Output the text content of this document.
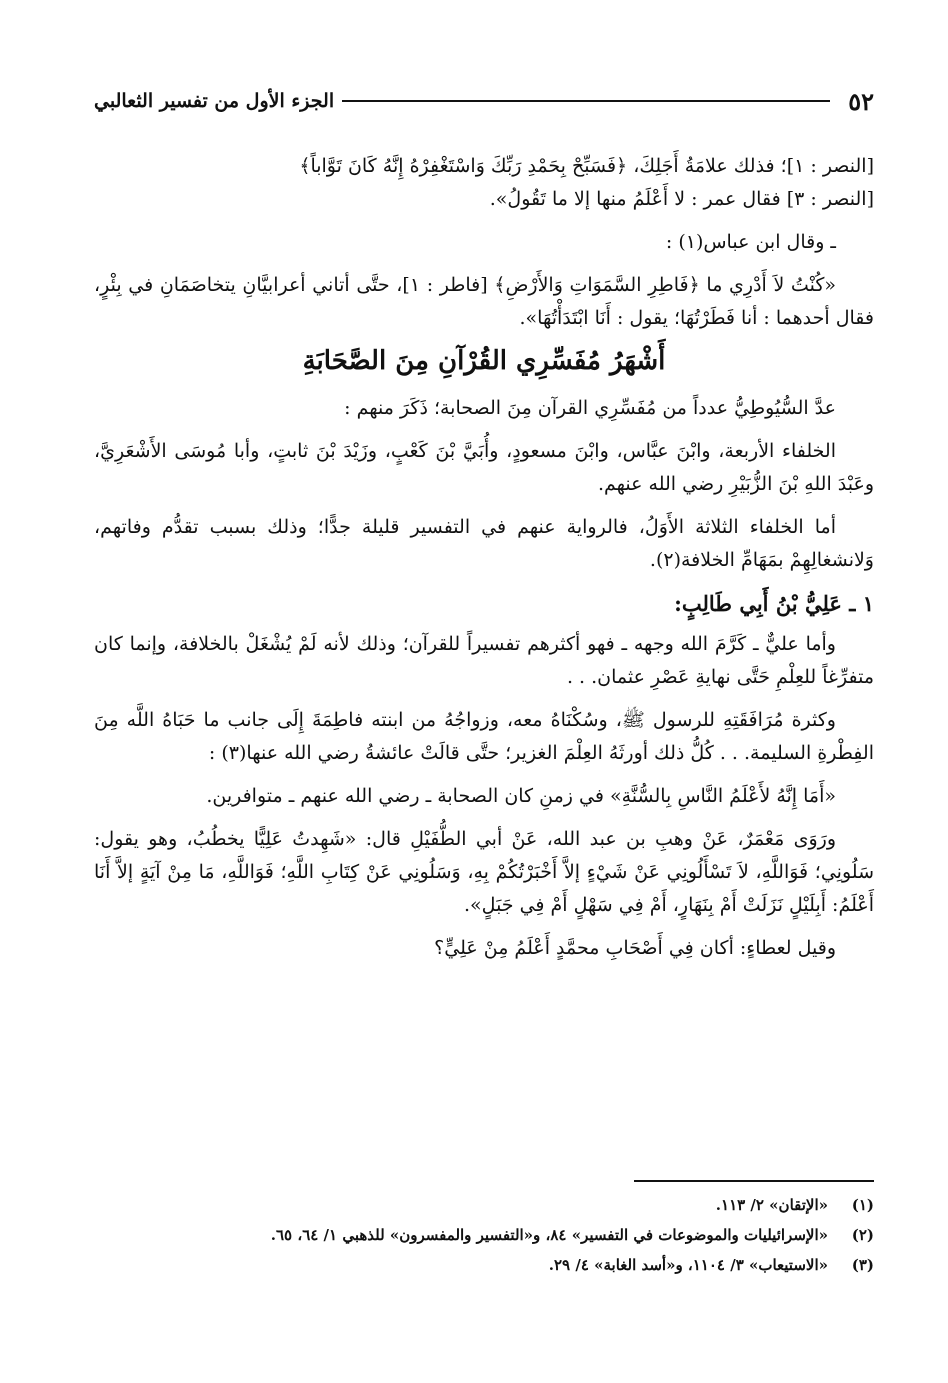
٥٢
الجزء الأول من تفسير الثعالبي

[النصر : ١]؛ فذلك علامَةُ أَجَلِكَ، ﴿فَسَبِّحْ بِحَمْدِ رَبِّكَ وَاسْتَغْفِرْهُ إِنَّهُ كَانَ تَوَّاباً﴾
[النصر : ٣] فقال عمر : لا أَعْلَمُ منها إلا ما تَقُولُ».

ـ وقال ابن عباس(١) :

«كُنْتُ لاَ أَدْرِي ما ﴿فَاطِرِ السَّمَوَاتِ وَالأَرْضِ﴾ [فاطر : ١]، حتَّى أتاني أعرابيَّانِ يتخاصَمَانِ في بِئْرٍ، فقال أحدهما : أنا فَطَرْتُهَا؛ يقول : أَنَا ابْتَدَأْتُهَا».

أَشْهَرُ مُفَسِّرِي القُرْآنِ مِنَ الصَّحَابَةِ

عدَّ السُّيُوطِيُّ عدداً من مُفَسِّرِي القرآن مِنَ الصحابة؛ ذَكَرَ منهم :

الخلفاء الأربعة، وابْنَ عبَّاس، وابْنَ مسعودٍ، وأُبَيَّ بْنَ كَعْبٍ، وزَيْدَ بْنَ ثابتٍ، وأبا مُوسَى الأَشْعَرِيَّ، وعَبْدَ اللهِ بْنَ الزُّبَيْرِ رضي الله عنهم.

أما الخلفاء الثلاثة الأَوَلُ، فالرواية عنهم في التفسير قليلة جدًّا؛ وذلك بسبب تقدُّم وفاتهم، وَلانشغالِهِمْ بمَهَامِّ الخلافة(٢).

١ ـ عَلِيُّ بْنُ أَبِي طَالِبٍ:

وأما عليٌّ ـ كَرَّمَ الله وجهه ـ فهو أكثرهم تفسيراً للقرآن؛ وذلك لأنه لَمْ يُشْغَلْ بالخلافة، وإنما كان متفرِّغاً للعِلْمِ حَتَّى نهايةِ عَصْرِ عثمان. . .

وكثرة مُرَافَقَتِهِ للرسول ﷺ، وسُكْنَاهُ معه، وزواجُهُ من ابنته فاطِمَةَ إِلَى جانب ما حَبَاهُ اللَّه مِنَ الفِطْرةِ السليمة. . . كُلُّ ذلك أورثَهُ العِلْمَ الغزير؛ حتَّى قالَتْ عائشةُ رضي الله عنها(٣) :

«أَمَا إِنَّهُ لأَعْلَمُ النَّاسِ بِالسُّنَّةِ» في زمنِ كان الصحابة ـ رضي الله عنهم ـ متوافرين.

ورَوَى مَعْمَرٌ، عَنْ وهبِ بن عبد الله، عَنْ أبي الطُّفَيْلِ قال: «شَهِدتُ عَلِيًّا يخطُبُ، وهو يقول: سَلُونِي؛ فَوَاللَّهِ، لاَ تَسْأَلُونِي عَنْ شَيْءٍ إلاَّ أَخْبَرْتُكُمْ بِهِ، وَسَلُونِي عَنْ كِتَابِ اللَّهِ؛ فَوَاللَّهِ، مَا مِنْ آيَةٍ إلاَّ أَنَا أَعْلَمُ: أَبِلَيْلٍ نَزَلَتْ أَمْ بِنَهَارٍ، أَمْ فِي سَهْلٍ أَمْ فِي جَبَلٍ».

وقيل لعطاءٍ: أكان فِي أَصْحَابِ محمَّدٍ أَعْلَمُ مِنْ عَلِيٍّ؟

(١)
«الإتقان» ٢/ ١١٣.
(٢)
«الإسرائيليات والموضوعات في التفسير» ٨٤، و«التفسير والمفسرون» للذهبي ١/ ٦٤، ٦٥.
(٣)
«الاستيعاب» ٣/ ١١٠٤، و«أسد الغابة» ٤/ ٢٩.
